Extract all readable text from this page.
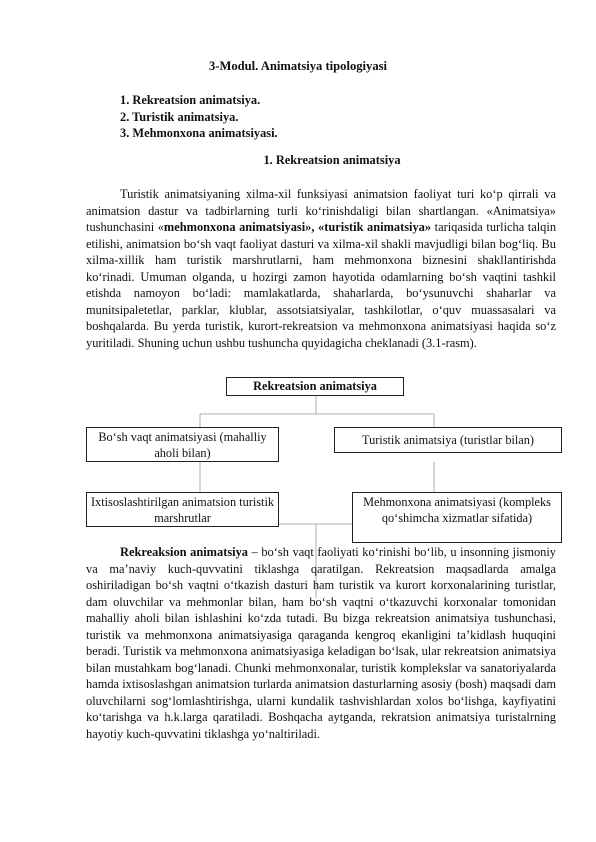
3-Modul. Animatsiya tipologiyasi
1. Rekreatsion animatsiya.
2. Turistik animatsiya.
3. Mehmonxona animatsiyasi.
1. Rekreatsion animatsiya

Turistik animatsiyaning xilma-xil funksiyasi animatsion faoliyat turi ko‘p qirrali va animatsion dastur va tadbirlarning turli ko‘rinishdaligi bilan shartlangan. «Animatsiya» tushunchasini «mehmonxona animatsiyasi», «turistik animatsiya» tariqasida turlicha talqin etilishi, animatsion bo‘sh vaqt faoliyat dasturi va xilma-xil shakli mavjudligi bilan bog‘liq. Bu xilma-xillik ham turistik marshrutlarni, ham mehmonxona biznesini shakllantirishda ko‘rinadi. Umuman olganda, u hozirgi zamon hayotida odamlarning bo‘sh vaqtini tashkil etishda namoyon bo‘ladi: mamlakatlarda, shaharlarda, bo‘ysunuvchi shaharlar va munitsipaletetlar, parklar, klublar, assotsiatsiyalar, tashkilotlar, o‘quv muassasalari va boshqalarda. Bu yerda turistik, kurort-rekreatsion va mehmonxona animatsiyasi haqida so‘z yuritiladi. Shuning uchun ushbu tushuncha quyidagicha cheklanadi (3.1-rasm).

Rekreatsion animatsiya
Bo‘sh vaqt animatsiyasi (mahalliy aholi bilan)
Turistik animatsiya (turistlar bilan)
Ixtisoslashtirilgan animatsion turistik marshrutlar
Mehmonxona animatsiyasi (kompleks qo‘shimcha xizmatlar sifatida)

Rekreaksion animatsiya – bo‘sh vaqt faoliyati ko‘rinishi bo‘lib, u insonning jismoniy va ma’naviy kuch-quvvatini tiklashga qaratilgan. Rekreatsion maqsadlarda amalga oshiriladigan bo‘sh vaqtni o‘tkazish dasturi ham turistik va kurort korxonalarining turistlar, dam oluvchilar va mehmonlar bilan, ham bo‘sh vaqtni o‘tkazuvchi korxonalar tomonidan mahalliy aholi bilan ishlashini ko‘zda tutadi. Bu bizga rekreatsion animatsiya tushunchasi, turistik va mehmonxona animatsiyasiga qaraganda kengroq ekanligini ta’kidlash huquqini beradi. Turistik va mehmonxona animatsiyasiga keladigan bo‘lsak, ular rekreatsion animatsiya bilan mustahkam bog‘lanadi. Chunki mehmonxonalar, turistik komplekslar va sanatoriyalarda hamda ixtisoslashgan animatsion turlarda animatsion dasturlarning asosiy (bosh) maqsadi dam oluvchilarni sog‘lomlashtirishga, ularni kundalik tashvishlardan xolos bo‘lishga, kayfiyatini ko‘tarishga va h.k.larga qaratiladi. Boshqacha aytganda, rekratsion animatsiya turistalrning hayotiy kuch-quvvatini tiklashga yo‘naltiriladi.
